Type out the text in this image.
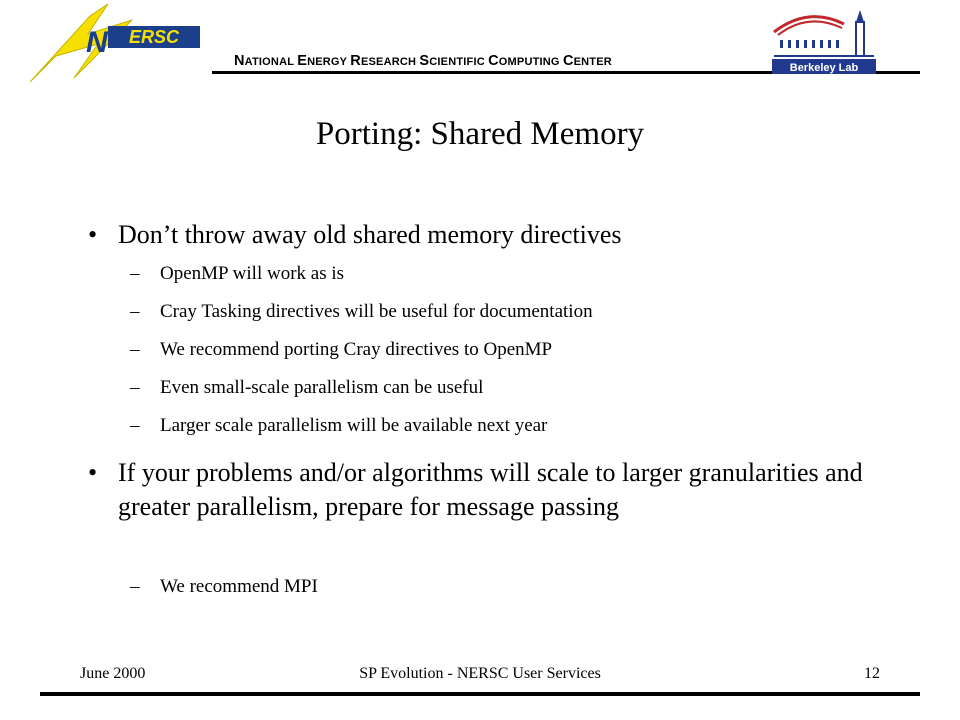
N ERSC
NATIONAL ENERGY RESEARCH SCIENTIFIC COMPUTING CENTER	Berkeley Lab
Porting: Shared Memory
• Don’t throw away old shared memory directives
– OpenMP will work as is
– Cray Tasking directives will be useful for documentation
– We recommend porting Cray directives to OpenMP
– Even small-scale parallelism can be useful
– Larger scale parallelism will be available next year
• If your problems and/or algorithms will scale to larger granularities and greater parallelism, prepare for message passing
– We recommend MPI
June 2000	SP Evolution - NERSC User Services	12
